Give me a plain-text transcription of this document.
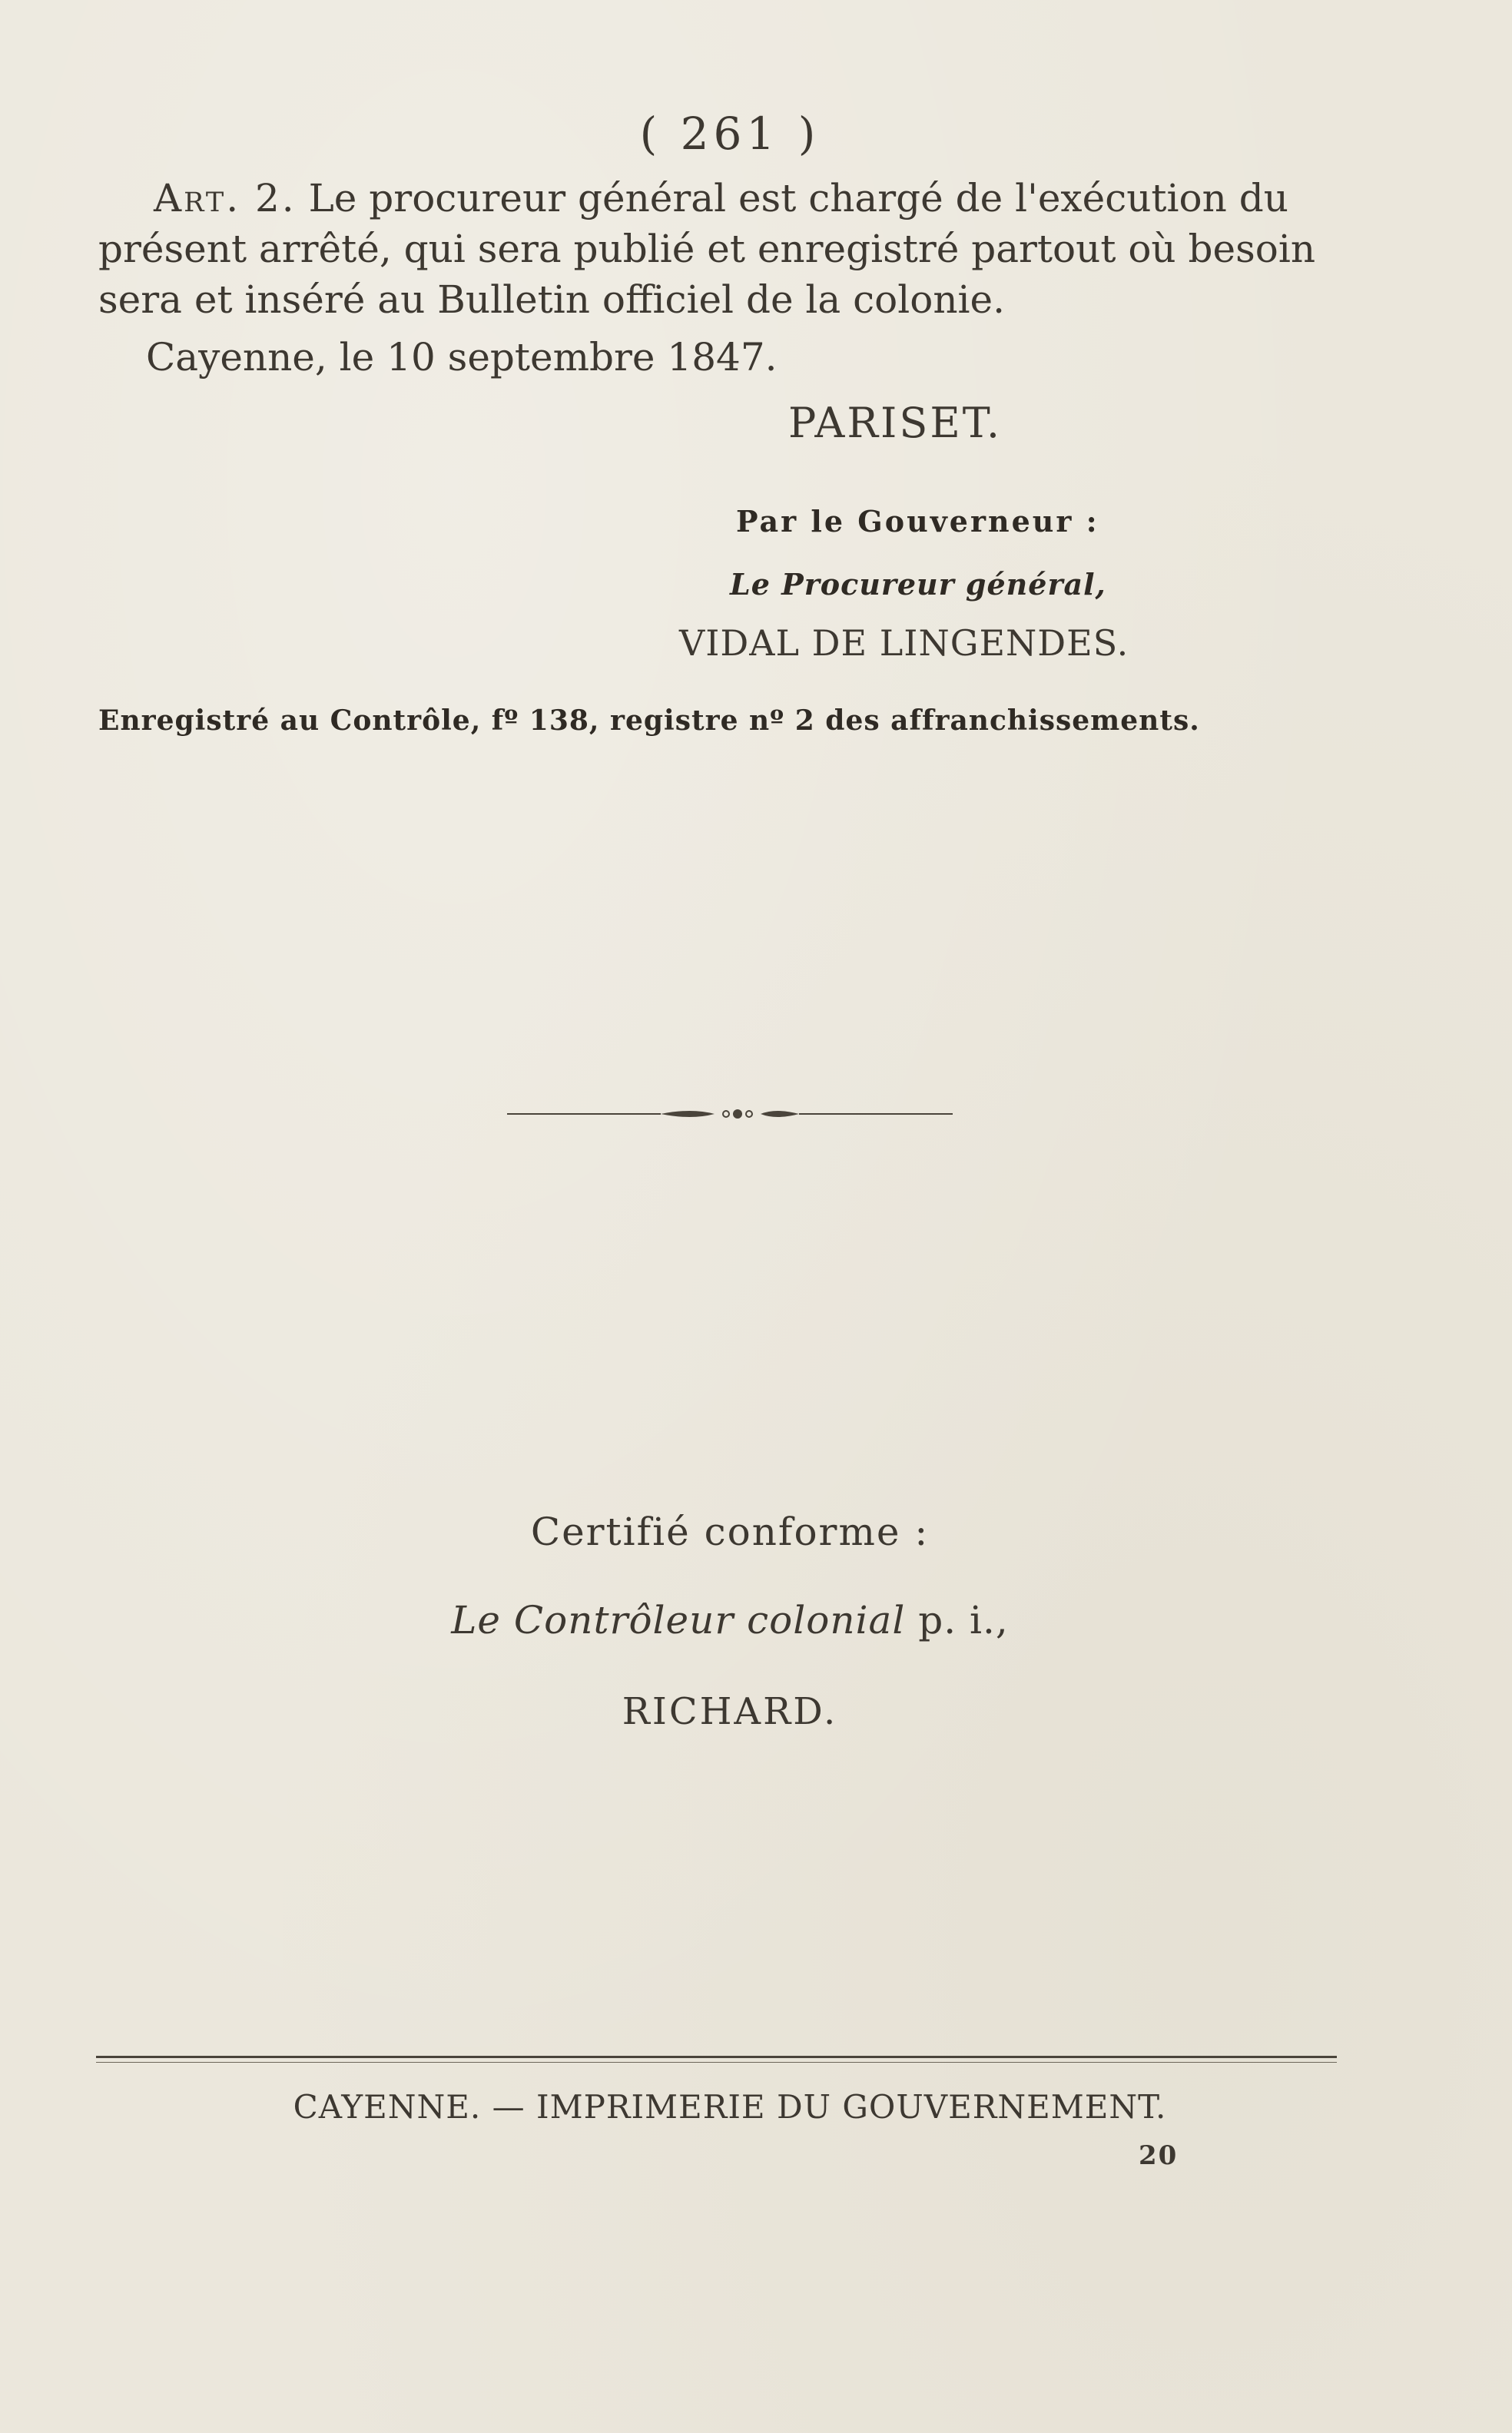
( 261 )
Art. 2. Le procureur général est chargé de l'exécution du
présent arrêté, qui sera publié et enregistré partout où besoin
sera et inséré au Bulletin officiel de la colonie.
Cayenne, le 10 septembre 1847.
PARISET.
Par le Gouverneur :
Le Procureur général,
VIDAL DE LINGENDES.
Enregistré au Contrôle, fº 138, registre nº 2 des affranchissements.
Certifié conforme :
Le Contrôleur colonial p. i.,
RICHARD.
CAYENNE. — IMPRIMERIE DU GOUVERNEMENT.
20
